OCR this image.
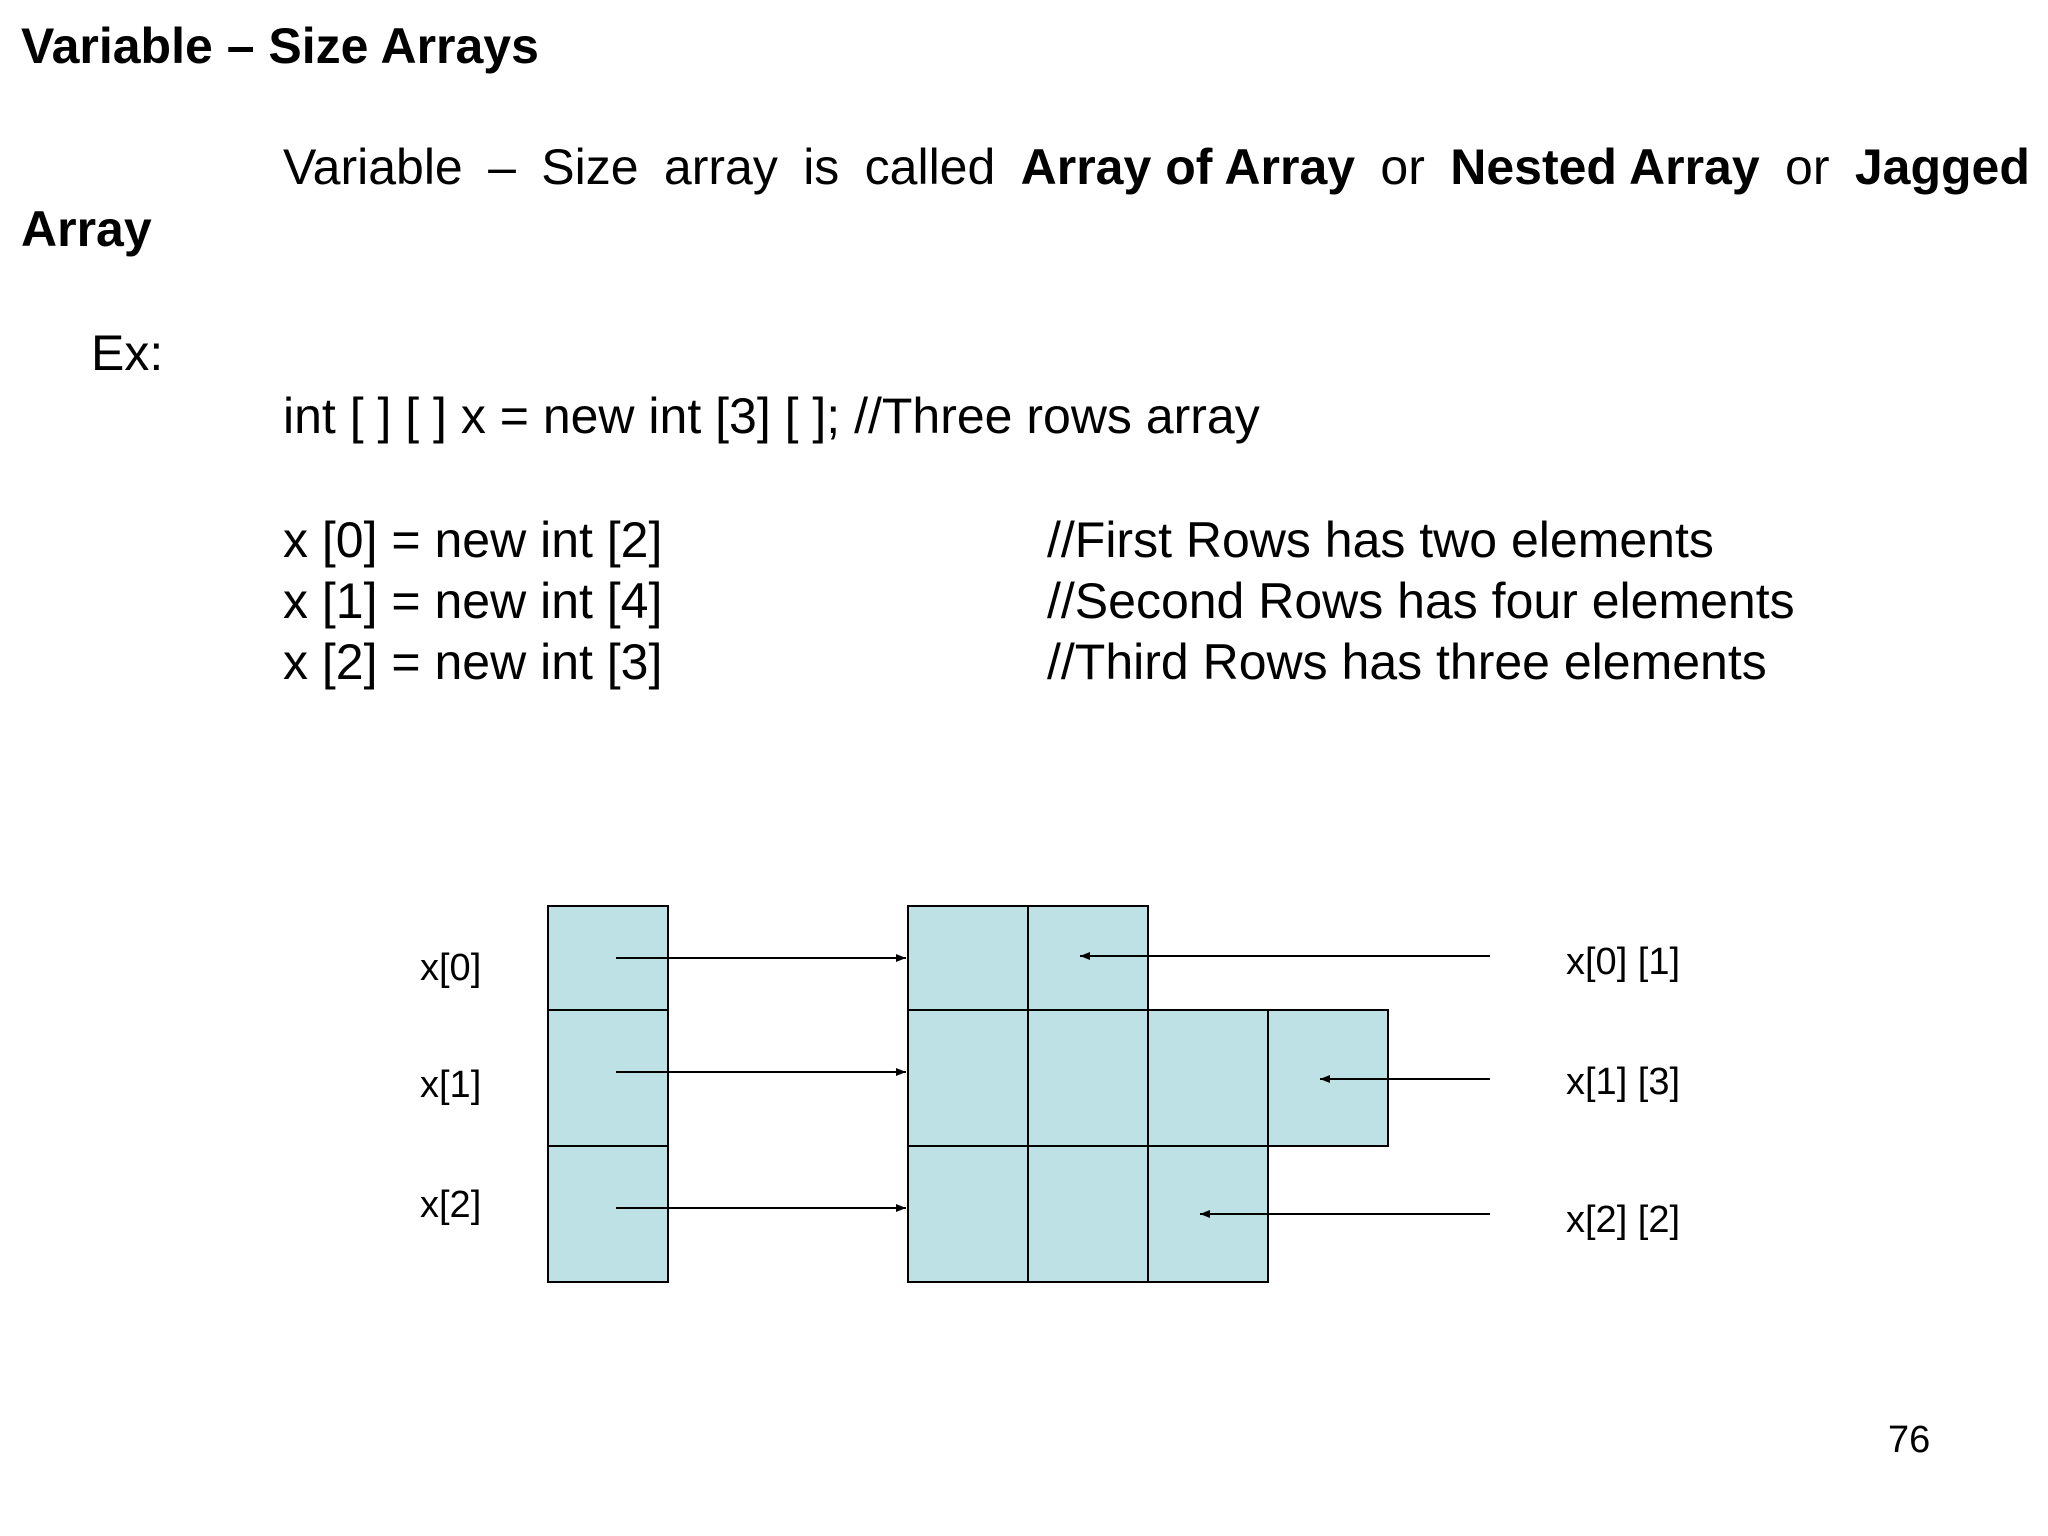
Variable – Size Arrays
Variable – Size array is called Array of Array or Nested Array or Jagged
Array
Ex:
int [ ] [ ] x = new int [3] [ ]; //Three rows array
x [0] = new int [2]	//First Rows has two elements
x [1] = new int [4]	//Second Rows has four elements
x [2] = new int [3]	//Third Rows has three elements
x[0]	x[0] [1]
x[1]	x[1] [3]
x[2]	x[2] [2]
76
